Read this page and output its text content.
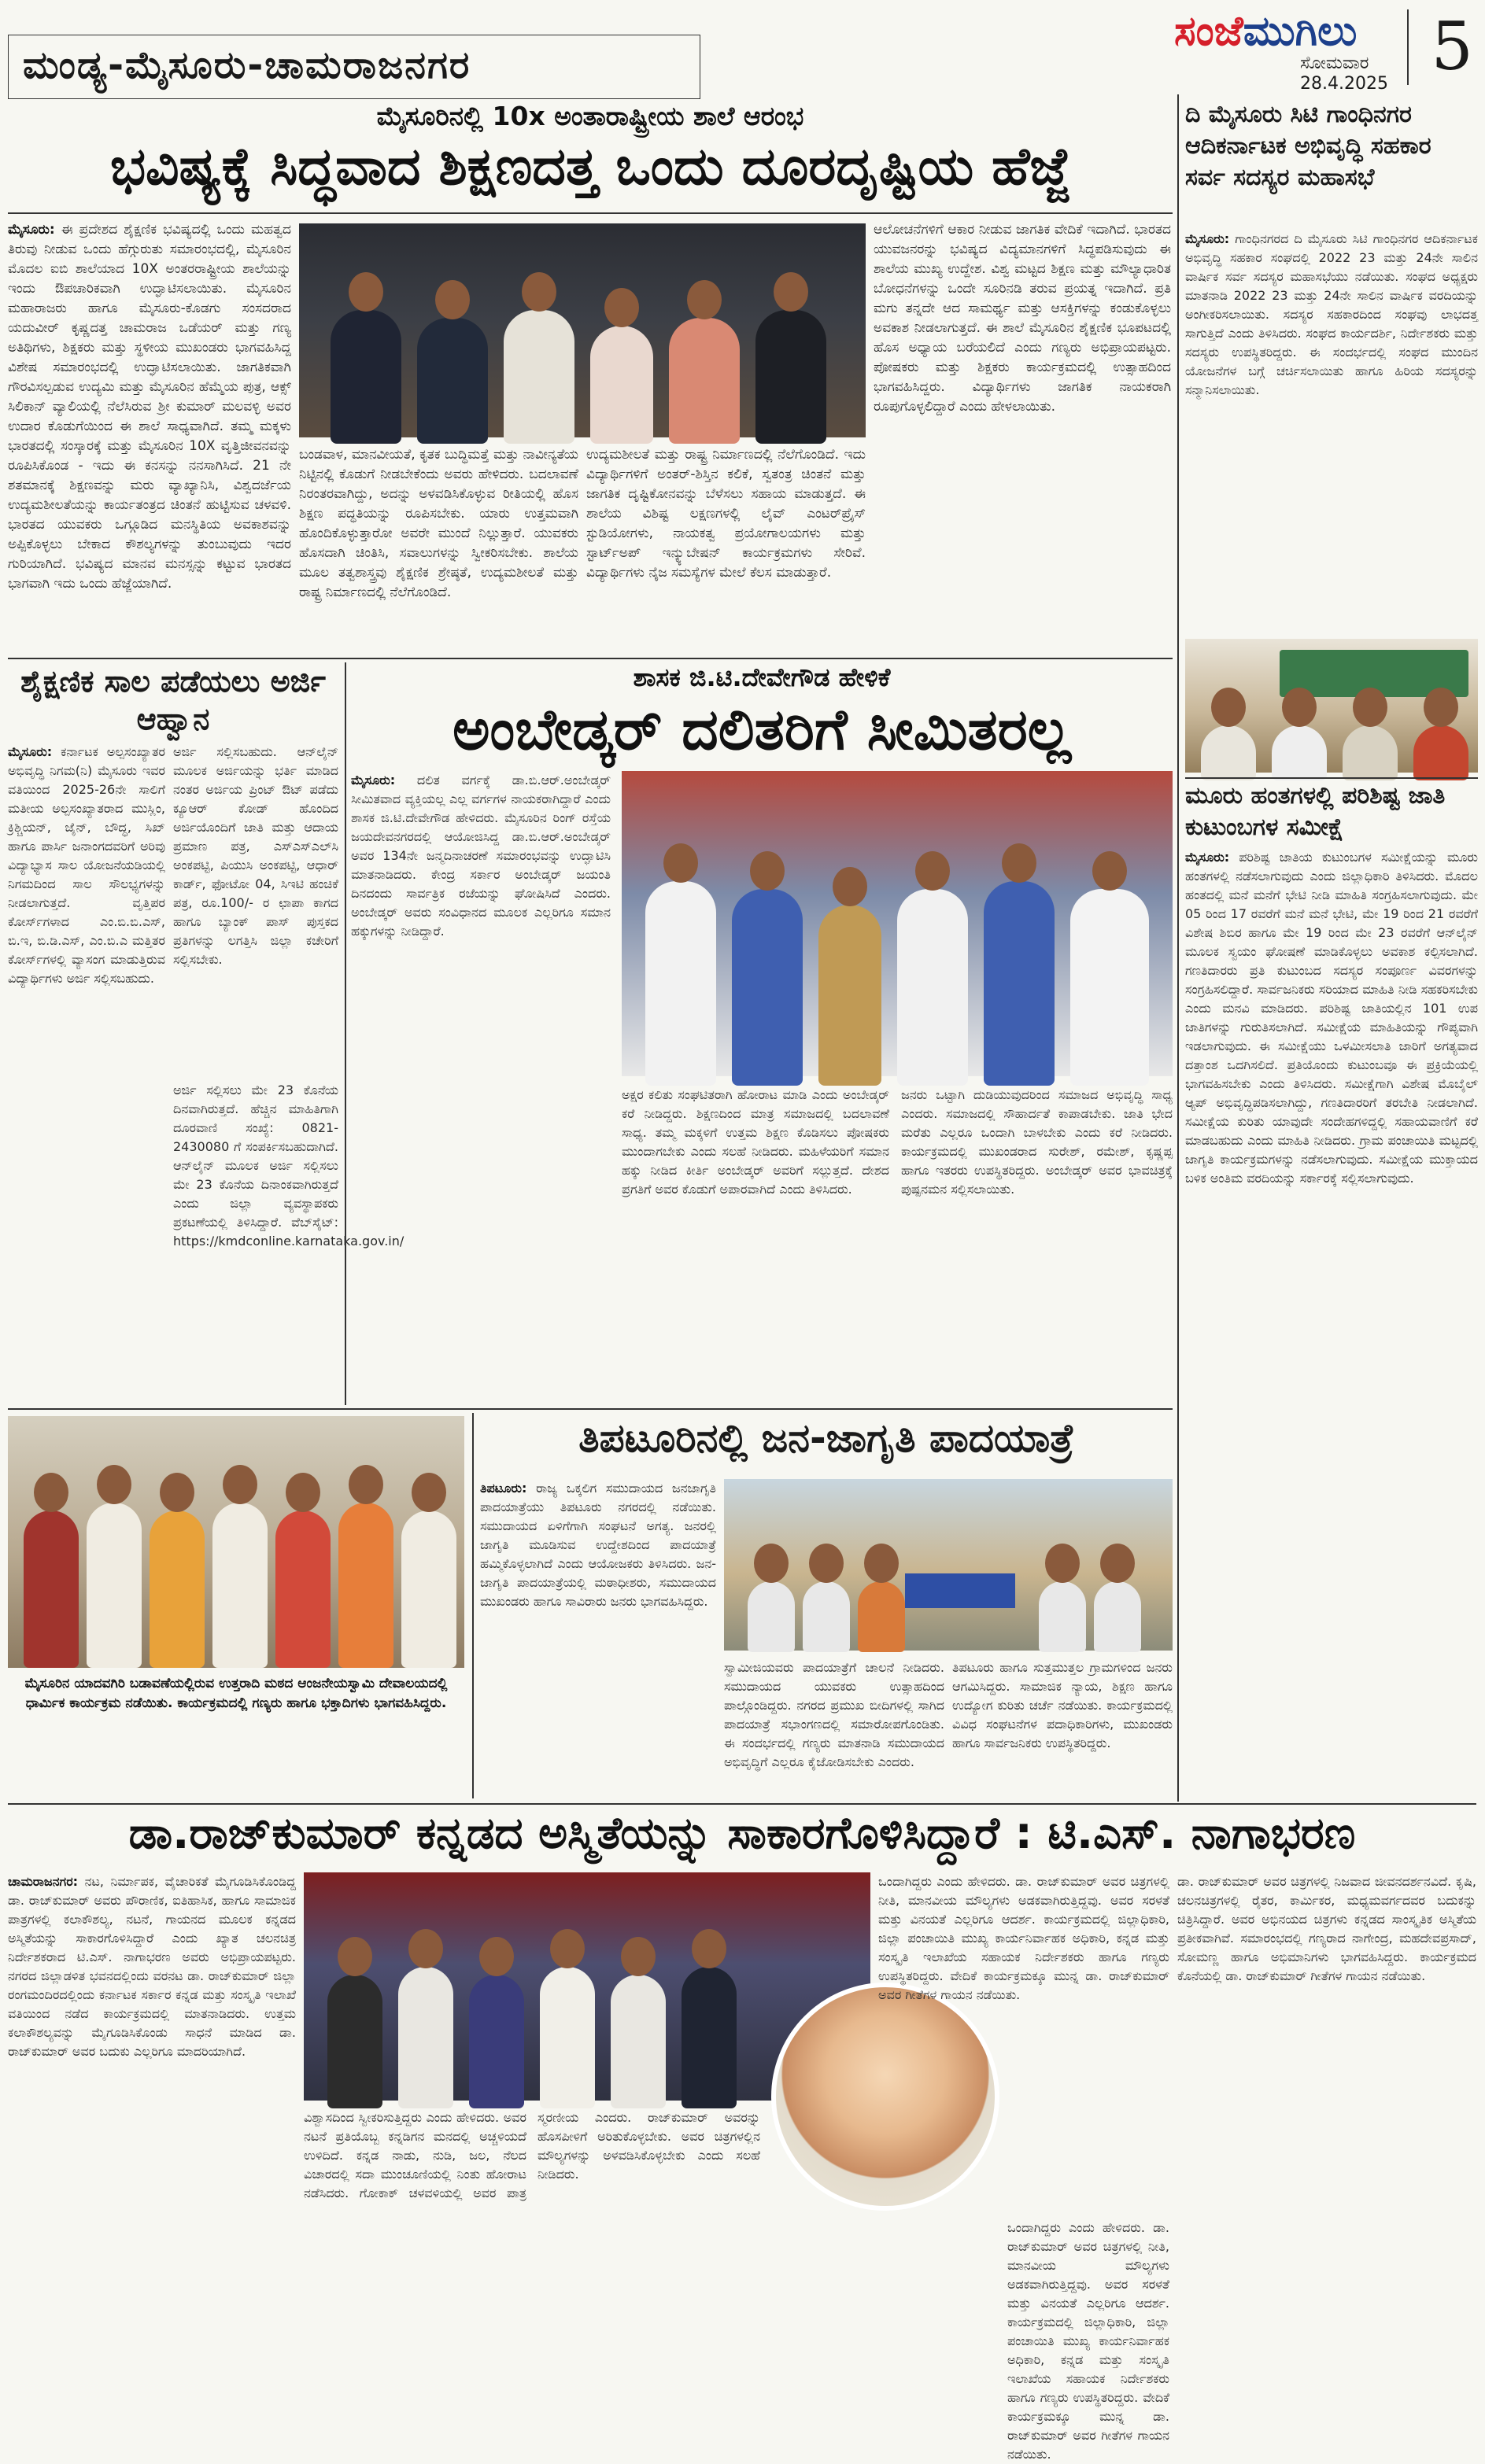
ಮಂಡ್ಯ-ಮೈಸೂರು-ಚಾಮರಾಜನಗರ
ಸಂಜೆಮುಗಿಲು
ಸೋಮವಾರ
28.4.2025 5
ಮೈಸೂರಿನಲ್ಲಿ 10x ಅಂತಾರಾಷ್ಟ್ರೀಯ ಶಾಲೆ ಆರಂಭ
ಭವಿಷ್ಯಕ್ಕೆ ಸಿದ್ಧವಾದ ಶಿಕ್ಷಣದತ್ತ ಒಂದು ದೂರದೃಷ್ಟಿಯ ಹೆಜ್ಜೆ
ಮೈಸೂರು: ಈ ಪ್ರದೇಶದ ಶೈಕ್ಷಣಿಕ ಭವಿಷ್ಯದಲ್ಲಿ ಒಂದು ಮಹತ್ವದ ತಿರುವು ನೀಡುವ ಒಂದು ಹೆಗ್ಗುರುತು ಸಮಾರಂಭದಲ್ಲಿ, ಮೈಸೂರಿನ ಮೊದಲ ಐಬಿ ಶಾಲೆಯಾದ 10X ಅಂತರರಾಷ್ಟ್ರೀಯ ಶಾಲೆಯನ್ನು ಇಂದು ಔಪಚಾರಿಕವಾಗಿ ಉದ್ಘಾಟಿಸಲಾಯಿತು. ಮೈಸೂರಿನ ಮಹಾರಾಜರು ಹಾಗೂ ಮೈಸೂರು-ಕೊಡಗು ಸಂಸದರಾದ ಯದುವೀರ್ ಕೃಷ್ಣದತ್ತ ಚಾಮರಾಜ ಒಡೆಯರ್ ಮತ್ತು ಗಣ್ಯ ಅತಿಥಿಗಳು, ಶಿಕ್ಷಕರು ಮತ್ತು ಸ್ಥಳೀಯ ಮುಖಂಡರು ಭಾಗವಹಿಸಿದ್ದ ವಿಶೇಷ ಸಮಾರಂಭದಲ್ಲಿ ಉದ್ಘಾಟಿಸಲಾಯಿತು. ಜಾಗತಿಕವಾಗಿ ಗೌರವಿಸಲ್ಪಡುವ ಉದ್ಯಮಿ ಮತ್ತು ಮೈಸೂರಿನ ಹೆಮ್ಮೆಯ ಪುತ್ರ, ಆಕ್ಸ್ ಸಿಲಿಕಾನ್ ವ್ಯಾಲಿಯಲ್ಲಿ ನೆಲೆಸಿರುವ ಶ್ರೀ ಕುಮಾರ್ ಮಲವಳ್ಳಿ ಅವರ ಉದಾರ ಕೊಡುಗೆಯಿಂದ ಈ ಶಾಲೆ ಸಾಧ್ಯವಾಗಿದೆ. ತಮ್ಮ ಮಕ್ಕಳು ಭಾರತದಲ್ಲಿ ಸಂಸ್ಕಾರಕ್ಕೆ ಮತ್ತು ಮೈಸೂರಿನ 10X ವೃತ್ತಿಜೀವನವನ್ನು ರೂಪಿಸಿಕೊಂಡ - ಇದು ಈ ಕನಸನ್ನು ನನಸಾಗಿಸಿದೆ. 21 ನೇ ಶತಮಾನಕ್ಕೆ ಶಿಕ್ಷಣವನ್ನು ಮರು ವ್ಯಾಖ್ಯಾನಿಸಿ, ವಿಶ್ವದರ್ಜೆಯ ಉದ್ಯಮಶೀಲತೆಯನ್ನು ಕಾರ್ಯತಂತ್ರದ ಚಿಂತನೆ ಹುಟ್ಟಿಸುವ ಚಳವಳಿ. ಭಾರತದ ಯುವಕರು ಒಗ್ಗೂಡಿದ ಮನಸ್ಥಿತಿಯ ಅವಕಾಶವನ್ನು ಅಪ್ಪಿಕೊಳ್ಳಲು ಬೇಕಾದ ಕೌಶಲ್ಯಗಳನ್ನು ತುಂಬುವುದು ಇದರ ಗುರಿಯಾಗಿದೆ. ಭವಿಷ್ಯದ ಮಾನವ ಮನಸ್ಸನ್ನು ಕಟ್ಟುವ ಭಾರತದ ಭಾಗವಾಗಿ ಇದು ಒಂದು ಹೆಜ್ಜೆಯಾಗಿದೆ.
ಬಂಡವಾಳ, ಮಾನವೀಯತೆ, ಕೃತಕ ಬುದ್ಧಿಮತ್ತೆ ಮತ್ತು ನಾವೀನ್ಯತೆಯ ನಿಟ್ಟಿನಲ್ಲಿ ಕೊಡುಗೆ ನೀಡಬೇಕೆಂದು ಅವರು ಹೇಳಿದರು. ಬದಲಾವಣೆ ನಿರಂತರವಾಗಿದ್ದು, ಅದನ್ನು ಅಳವಡಿಸಿಕೊಳ್ಳುವ ರೀತಿಯಲ್ಲಿ ಹೊಸ ಶಿಕ್ಷಣ ಪದ್ಧತಿಯನ್ನು ರೂಪಿಸಬೇಕು. ಯಾರು ಉತ್ತಮವಾಗಿ ಹೊಂದಿಕೊಳ್ಳುತ್ತಾರೋ ಅವರೇ ಮುಂದೆ ನಿಲ್ಲುತ್ತಾರೆ. ಯುವಕರು ಹೊಸದಾಗಿ ಚಿಂತಿಸಿ, ಸವಾಲುಗಳನ್ನು ಸ್ವೀಕರಿಸಬೇಕು. ಶಾಲೆಯ ಮೂಲ ತತ್ವಶಾಸ್ತ್ರವು ಶೈಕ್ಷಣಿಕ ಶ್ರೇಷ್ಠತೆ, ಉದ್ಯಮಶೀಲತೆ ಮತ್ತು ರಾಷ್ಟ್ರ ನಿರ್ಮಾಣದಲ್ಲಿ ನೆಲೆಗೊಂಡಿದೆ.
ಉದ್ಯಮಶೀಲತೆ ಮತ್ತು ರಾಷ್ಟ್ರ ನಿರ್ಮಾಣದಲ್ಲಿ ನೆಲೆಗೊಂಡಿದೆ. ಇದು ವಿದ್ಯಾರ್ಥಿಗಳಿಗೆ ಅಂತರ್-ಶಿಸ್ತಿನ ಕಲಿಕೆ, ಸ್ವತಂತ್ರ ಚಿಂತನೆ ಮತ್ತು ಜಾಗತಿಕ ದೃಷ್ಟಿಕೋನವನ್ನು ಬೆಳೆಸಲು ಸಹಾಯ ಮಾಡುತ್ತದೆ. ಈ ಶಾಲೆಯ ವಿಶಿಷ್ಟ ಲಕ್ಷಣಗಳಲ್ಲಿ ಲೈವ್ ಎಂಟರ್‌ಪ್ರೈಸ್‌ ಸ್ಟುಡಿಯೋಗಳು, ನಾಯಕತ್ವ ಪ್ರಯೋಗಾಲಯಗಳು ಮತ್ತು ಸ್ಟಾರ್ಟ್‌ಅಪ್‌ ಇನ್ಕ್ಯುಬೇಷನ್‌ ಕಾರ್ಯಕ್ರಮಗಳು ಸೇರಿವೆ. ವಿದ್ಯಾರ್ಥಿಗಳು ನೈಜ ಸಮಸ್ಯೆಗಳ ಮೇಲೆ ಕೆಲಸ ಮಾಡುತ್ತಾರೆ.
ಆಲೋಚನೆಗಳಿಗೆ ಆಕಾರ ನೀಡುವ ಜಾಗತಿಕ ವೇದಿಕೆ ಇದಾಗಿದೆ. ಭಾರತದ ಯುವಜನರನ್ನು ಭವಿಷ್ಯದ ವಿದ್ಯಮಾನಗಳಿಗೆ ಸಿದ್ಧಪಡಿಸುವುದು ಈ ಶಾಲೆಯ ಮುಖ್ಯ ಉದ್ದೇಶ. ವಿಶ್ವ ಮಟ್ಟದ ಶಿಕ್ಷಣ ಮತ್ತು ಮೌಲ್ಯಾಧಾರಿತ ಬೋಧನೆಗಳನ್ನು ಒಂದೇ ಸೂರಿನಡಿ ತರುವ ಪ್ರಯತ್ನ ಇದಾಗಿದೆ. ಪ್ರತಿ ಮಗು ತನ್ನದೇ ಆದ ಸಾಮರ್ಥ್ಯ ಮತ್ತು ಆಸಕ್ತಿಗಳನ್ನು ಕಂಡುಕೊಳ್ಳಲು ಅವಕಾಶ ನೀಡಲಾಗುತ್ತದೆ. ಈ ಶಾಲೆ ಮೈಸೂರಿನ ಶೈಕ್ಷಣಿಕ ಭೂಪಟದಲ್ಲಿ ಹೊಸ ಅಧ್ಯಾಯ ಬರೆಯಲಿದೆ ಎಂದು ಗಣ್ಯರು ಅಭಿಪ್ರಾಯಪಟ್ಟರು. ಪೋಷಕರು ಮತ್ತು ಶಿಕ್ಷಕರು ಕಾರ್ಯಕ್ರಮದಲ್ಲಿ ಉತ್ಸಾಹದಿಂದ ಭಾಗವಹಿಸಿದ್ದರು. ವಿದ್ಯಾರ್ಥಿಗಳು ಜಾಗತಿಕ ನಾಯಕರಾಗಿ ರೂಪುಗೊಳ್ಳಲಿದ್ದಾರೆ ಎಂದು ಹೇಳಲಾಯಿತು.
ದಿ ಮೈಸೂರು ಸಿಟಿ ಗಾಂಧಿನಗರ ಆದಿಕರ್ನಾಟಕ ಅಭಿವೃದ್ಧಿ ಸಹಕಾರ ಸರ್ವ ಸದಸ್ಯರ ಮಹಾಸಭೆ
ಮೈಸೂರು: ಗಾಂಧಿನಗರದ ದಿ ಮೈಸೂರು ಸಿಟಿ ಗಾಂಧಿನಗರ ಆದಿಕರ್ನಾಟಕ ಅಭಿವೃದ್ಧಿ ಸಹಕಾರ ಸಂಘದಲ್ಲಿ 2022 23 ಮತ್ತು 24ನೇ ಸಾಲಿನ ವಾರ್ಷಿಕ ಸರ್ವ ಸದಸ್ಯರ ಮಹಾಸಭೆಯು ನಡೆಯಿತು. ಸಂಘದ ಅಧ್ಯಕ್ಷರು ಮಾತನಾಡಿ 2022 23 ಮತ್ತು 24ನೇ ಸಾಲಿನ ವಾರ್ಷಿಕ ವರದಿಯನ್ನು ಅಂಗೀಕರಿಸಲಾಯಿತು. ಸದಸ್ಯರ ಸಹಕಾರದಿಂದ ಸಂಘವು ಲಾಭದತ್ತ ಸಾಗುತ್ತಿದೆ ಎಂದು ತಿಳಿಸಿದರು. ಸಂಘದ ಕಾರ್ಯದರ್ಶಿ, ನಿರ್ದೇಶಕರು ಮತ್ತು ಸದಸ್ಯರು ಉಪಸ್ಥಿತರಿದ್ದರು. ಈ ಸಂದರ್ಭದಲ್ಲಿ ಸಂಘದ ಮುಂದಿನ ಯೋಜನೆಗಳ ಬಗ್ಗೆ ಚರ್ಚಿಸಲಾಯಿತು ಹಾಗೂ ಹಿರಿಯ ಸದಸ್ಯರನ್ನು ಸನ್ಮಾನಿಸಲಾಯಿತು.
ಮೂರು ಹಂತಗಳಲ್ಲಿ ಪರಿಶಿಷ್ಟ ಜಾತಿ ಕುಟುಂಬಗಳ ಸಮೀಕ್ಷೆ
ಮೈಸೂರು: ಪರಿಶಿಷ್ಟ ಜಾತಿಯ ಕುಟುಂಬಗಳ ಸಮೀಕ್ಷೆಯನ್ನು ಮೂರು ಹಂತಗಳಲ್ಲಿ ನಡೆಸಲಾಗುವುದು ಎಂದು ಜಿಲ್ಲಾಧಿಕಾರಿ ತಿಳಿಸಿದರು. ಮೊದಲ ಹಂತದಲ್ಲಿ ಮನೆ ಮನೆಗೆ ಭೇಟಿ ನೀಡಿ ಮಾಹಿತಿ ಸಂಗ್ರಹಿಸಲಾಗುವುದು. ಮೇ 05 ರಿಂದ 17 ರವರೆಗೆ ಮನೆ ಮನೆ ಭೇಟಿ, ಮೇ 19 ರಿಂದ 21 ರವರೆಗೆ ವಿಶೇಷ ಶಿಬಿರ ಹಾಗೂ ಮೇ 19 ರಿಂದ ಮೇ 23 ರವರೆಗೆ ಆನ್‌ಲೈನ್ ಮೂಲಕ ಸ್ವಯಂ ಘೋಷಣೆ ಮಾಡಿಕೊಳ್ಳಲು ಅವಕಾಶ ಕಲ್ಪಿಸಲಾಗಿದೆ. ಗಣತಿದಾರರು ಪ್ರತಿ ಕುಟುಂಬದ ಸದಸ್ಯರ ಸಂಪೂರ್ಣ ವಿವರಗಳನ್ನು ಸಂಗ್ರಹಿಸಲಿದ್ದಾರೆ. ಸಾರ್ವಜನಿಕರು ಸರಿಯಾದ ಮಾಹಿತಿ ನೀಡಿ ಸಹಕರಿಸಬೇಕು ಎಂದು ಮನವಿ ಮಾಡಿದರು. ಪರಿಶಿಷ್ಟ ಜಾತಿಯಲ್ಲಿನ 101 ಉಪ ಜಾತಿಗಳನ್ನು ಗುರುತಿಸಲಾಗಿದೆ. ಸಮೀಕ್ಷೆಯ ಮಾಹಿತಿಯನ್ನು ಗೌಪ್ಯವಾಗಿ ಇಡಲಾಗುವುದು. ಈ ಸಮೀಕ್ಷೆಯು ಒಳಮೀಸಲಾತಿ ಜಾರಿಗೆ ಅಗತ್ಯವಾದ ದತ್ತಾಂಶ ಒದಗಿಸಲಿದೆ. ಪ್ರತಿಯೊಂದು ಕುಟುಂಬವೂ ಈ ಪ್ರಕ್ರಿಯೆಯಲ್ಲಿ ಭಾಗವಹಿಸಬೇಕು ಎಂದು ತಿಳಿಸಿದರು. ಸಮೀಕ್ಷೆಗಾಗಿ ವಿಶೇಷ ಮೊಬೈಲ್ ಆ್ಯಪ್ ಅಭಿವೃದ್ಧಿಪಡಿಸಲಾಗಿದ್ದು, ಗಣತಿದಾರರಿಗೆ ತರಬೇತಿ ನೀಡಲಾಗಿದೆ. ಸಮೀಕ್ಷೆಯ ಕುರಿತು ಯಾವುದೇ ಸಂದೇಹಗಳಿದ್ದಲ್ಲಿ ಸಹಾಯವಾಣಿಗೆ ಕರೆ ಮಾಡಬಹುದು ಎಂದು ಮಾಹಿತಿ ನೀಡಿದರು. ಗ್ರಾಮ ಪಂಚಾಯಿತಿ ಮಟ್ಟದಲ್ಲಿ ಜಾಗೃತಿ ಕಾರ್ಯಕ್ರಮಗಳನ್ನು ನಡೆಸಲಾಗುವುದು. ಸಮೀಕ್ಷೆಯ ಮುಕ್ತಾಯದ ಬಳಿಕ ಅಂತಿಮ ವರದಿಯನ್ನು ಸರ್ಕಾರಕ್ಕೆ ಸಲ್ಲಿಸಲಾಗುವುದು.
ಶೈಕ್ಷಣಿಕ ಸಾಲ ಪಡೆಯಲು ಅರ್ಜಿ ಆಹ್ವಾನ
ಮೈಸೂರು: ಕರ್ನಾಟಕ ಅಲ್ಪಸಂಖ್ಯಾತರ ಅಭಿವೃದ್ಧಿ ನಿಗಮ(ನಿ) ಮೈಸೂರು ಇವರ ವತಿಯಿಂದ 2025-26ನೇ ಸಾಲಿಗೆ ಮತೀಯ ಅಲ್ಪಸಂಖ್ಯಾತರಾದ ಮುಸ್ಲಿಂ, ಕ್ರಿಶ್ಚಿಯನ್, ಜೈನ್, ಬೌದ್ಧ, ಸಿಖ್ ಹಾಗೂ ಪಾರ್ಸಿ ಜನಾಂಗದವರಿಗೆ ಅರಿವು ವಿದ್ಯಾಭ್ಯಾಸ ಸಾಲ ಯೋಜನೆಯಡಿಯಲ್ಲಿ ನಿಗಮದಿಂದ ಸಾಲ ಸೌಲಭ್ಯಗಳನ್ನು ನೀಡಲಾಗುತ್ತದೆ. ವೃತ್ತಿಪರ ಕೋರ್ಸ್‌ಗಳಾದ ಎಂ.ಬಿ.ಬಿ.ಎಸ್, ಬಿ.ಇ, ಬಿ.ಡಿ.ಎಸ್, ಎಂ.ಬಿ.ಎ ಮತ್ತಿತರ ಕೋರ್ಸ್‌ಗಳಲ್ಲಿ ವ್ಯಾಸಂಗ ಮಾಡುತ್ತಿರುವ ವಿದ್ಯಾರ್ಥಿಗಳು ಅರ್ಜಿ ಸಲ್ಲಿಸಬಹುದು.
ಅರ್ಜಿ ಸಲ್ಲಿಸಬಹುದು. ಆನ್‌ಲೈನ್ ಮೂಲಕ ಅರ್ಜಿಯನ್ನು ಭರ್ತಿ ಮಾಡಿದ ನಂತರ ಅರ್ಜಿಯ ಪ್ರಿಂಟ್ ಔಟ್ ಪಡೆದು ಕ್ಯೂಆರ್ ಕೋಡ್ ಹೊಂದಿದ ಅರ್ಜಿಯೊಂದಿಗೆ ಜಾತಿ ಮತ್ತು ಆದಾಯ ಪ್ರಮಾಣ ಪತ್ರ, ಎಸ್ಎಸ್ಎಲ್‌ಸಿ ಅಂಕಪಟ್ಟಿ, ಪಿಯುಸಿ ಅಂಕಪಟ್ಟಿ, ಆಧಾರ್ ಕಾರ್ಡ್, ಫೋಟೋ 04, ಸಿಇಟಿ ಹಂಚಿಕೆ ಪತ್ರ, ರೂ.100/- ರ ಛಾಪಾ ಕಾಗದ ಹಾಗೂ ಬ್ಯಾಂಕ್ ಪಾಸ್ ಪುಸ್ತಕದ ಪ್ರತಿಗಳನ್ನು ಲಗತ್ತಿಸಿ ಜಿಲ್ಲಾ ಕಚೇರಿಗೆ ಸಲ್ಲಿಸಬೇಕು.
ಅರ್ಜಿ ಸಲ್ಲಿಸಲು ಮೇ 23 ಕೊನೆಯ ದಿನವಾಗಿರುತ್ತದೆ. ಹೆಚ್ಚಿನ ಮಾಹಿತಿಗಾಗಿ ದೂರವಾಣಿ ಸಂಖ್ಯೆ: 0821-2430080 ಗೆ ಸಂಪರ್ಕಿಸಬಹುದಾಗಿದೆ. ಆನ್‌ಲೈನ್ ಮೂಲಕ ಅರ್ಜಿ ಸಲ್ಲಿಸಲು ಮೇ 23 ಕೊನೆಯ ದಿನಾಂಕವಾಗಿರುತ್ತದೆ ಎಂದು ಜಿಲ್ಲಾ ವ್ಯವಸ್ಥಾಪಕರು ಪ್ರಕಟಣೆಯಲ್ಲಿ ತಿಳಿಸಿದ್ದಾರೆ. ವೆಬ್‌ಸೈಟ್: https://kmdconline.karnataka.gov.in/
ಶಾಸಕ ಜಿ.ಟಿ.ದೇವೇಗೌಡ ಹೇಳಿಕೆ
ಅಂಬೇಡ್ಕರ್ ದಲಿತರಿಗೆ ಸೀಮಿತರಲ್ಲ
ಮೈಸೂರು: ದಲಿತ ವರ್ಗಕ್ಕೆ ಡಾ.ಬಿ.ಆರ್.ಅಂಬೇಡ್ಕರ್ ಸೀಮಿತವಾದ ವ್ಯಕ್ತಿಯಲ್ಲ ಎಲ್ಲ ವರ್ಗಗಳ ನಾಯಕರಾಗಿದ್ದಾರೆ ಎಂದು ಶಾಸಕ ಜಿ.ಟಿ.ದೇವೇಗೌಡ ಹೇಳಿದರು. ಮೈಸೂರಿನ ರಿಂಗ್ ರಸ್ತೆಯ ಜಯದೇವನಗರದಲ್ಲಿ ಆಯೋಜಿಸಿದ್ದ ಡಾ.ಬಿ.ಆರ್.ಅಂಬೇಡ್ಕರ್ ಅವರ 134ನೇ ಜನ್ಮದಿನಾಚರಣೆ ಸಮಾರಂಭವನ್ನು ಉದ್ಘಾಟಿಸಿ ಮಾತನಾಡಿದರು. ಕೇಂದ್ರ ಸರ್ಕಾರ ಅಂಬೇಡ್ಕರ್ ಜಯಂತಿ ದಿನದಂದು ಸಾರ್ವತ್ರಿಕ ರಜೆಯನ್ನು ಘೋಷಿಸಿದೆ ಎಂದರು. ಅಂಬೇಡ್ಕರ್ ಅವರು ಸಂವಿಧಾನದ ಮೂಲಕ ಎಲ್ಲರಿಗೂ ಸಮಾನ ಹಕ್ಕುಗಳನ್ನು ನೀಡಿದ್ದಾರೆ.
ಅಕ್ಷರ ಕಲಿತು ಸಂಘಟಿತರಾಗಿ ಹೋರಾಟ ಮಾಡಿ ಎಂದು ಅಂಬೇಡ್ಕರ್ ಕರೆ ನೀಡಿದ್ದರು. ಶಿಕ್ಷಣದಿಂದ ಮಾತ್ರ ಸಮಾಜದಲ್ಲಿ ಬದಲಾವಣೆ ಸಾಧ್ಯ. ತಮ್ಮ ಮಕ್ಕಳಿಗೆ ಉತ್ತಮ ಶಿಕ್ಷಣ ಕೊಡಿಸಲು ಪೋಷಕರು ಮುಂದಾಗಬೇಕು ಎಂದು ಸಲಹೆ ನೀಡಿದರು. ಮಹಿಳೆಯರಿಗೆ ಸಮಾನ ಹಕ್ಕು ನೀಡಿದ ಕೀರ್ತಿ ಅಂಬೇಡ್ಕರ್ ಅವರಿಗೆ ಸಲ್ಲುತ್ತದೆ. ದೇಶದ ಪ್ರಗತಿಗೆ ಅವರ ಕೊಡುಗೆ ಅಪಾರವಾಗಿದೆ ಎಂದು ತಿಳಿಸಿದರು.
ಜನರು ಒಟ್ಟಾಗಿ ದುಡಿಯುವುದರಿಂದ ಸಮಾಜದ ಅಭಿವೃದ್ಧಿ ಸಾಧ್ಯ ಎಂದರು. ಸಮಾಜದಲ್ಲಿ ಸೌಹಾರ್ದತೆ ಕಾಪಾಡಬೇಕು. ಜಾತಿ ಭೇದ ಮರೆತು ಎಲ್ಲರೂ ಒಂದಾಗಿ ಬಾಳಬೇಕು ಎಂದು ಕರೆ ನೀಡಿದರು. ಕಾರ್ಯಕ್ರಮದಲ್ಲಿ ಮುಖಂಡರಾದ ಸುರೇಶ್, ರಮೇಶ್, ಕೃಷ್ಣಪ್ಪ ಹಾಗೂ ಇತರರು ಉಪಸ್ಥಿತರಿದ್ದರು. ಅಂಬೇಡ್ಕರ್ ಅವರ ಭಾವಚಿತ್ರಕ್ಕೆ ಪುಷ್ಪನಮನ ಸಲ್ಲಿಸಲಾಯಿತು.
ಮೈಸೂರಿನ ಯಾದವಗಿರಿ ಬಡಾವಣೆಯಲ್ಲಿರುವ ಉತ್ತರಾದಿ ಮಠದ ಆಂಜನೇಯಸ್ವಾಮಿ ದೇವಾಲಯದಲ್ಲಿ ಧಾರ್ಮಿಕ ಕಾರ್ಯಕ್ರಮ ನಡೆಯಿತು. ಕಾರ್ಯಕ್ರಮದಲ್ಲಿ ಗಣ್ಯರು ಹಾಗೂ ಭಕ್ತಾದಿಗಳು ಭಾಗವಹಿಸಿದ್ದರು.
ತಿಪಟೂರಿನಲ್ಲಿ ಜನ-ಜಾಗೃತಿ ಪಾದಯಾತ್ರೆ
ತಿಪಟೂರು: ರಾಜ್ಯ ಒಕ್ಕಲಿಗ ಸಮುದಾಯದ ಜನಜಾಗೃತಿ ಪಾದಯಾತ್ರೆಯು ತಿಪಟೂರು ನಗರದಲ್ಲಿ ನಡೆಯಿತು. ಸಮುದಾಯದ ಏಳಿಗೆಗಾಗಿ ಸಂಘಟನೆ ಅಗತ್ಯ. ಜನರಲ್ಲಿ ಜಾಗೃತಿ ಮೂಡಿಸುವ ಉದ್ದೇಶದಿಂದ ಪಾದಯಾತ್ರೆ ಹಮ್ಮಿಕೊಳ್ಳಲಾಗಿದೆ ಎಂದು ಆಯೋಜಕರು ತಿಳಿಸಿದರು. ಜನ-ಜಾಗೃತಿ ಪಾದಯಾತ್ರೆಯಲ್ಲಿ ಮಠಾಧೀಶರು, ಸಮುದಾಯದ ಮುಖಂಡರು ಹಾಗೂ ಸಾವಿರಾರು ಜನರು ಭಾಗವಹಿಸಿದ್ದರು.
ಸ್ವಾಮೀಜಿಯವರು ಪಾದಯಾತ್ರೆಗೆ ಚಾಲನೆ ನೀಡಿದರು. ಸಮುದಾಯದ ಯುವಕರು ಉತ್ಸಾಹದಿಂದ ಪಾಲ್ಗೊಂಡಿದ್ದರು. ನಗರದ ಪ್ರಮುಖ ಬೀದಿಗಳಲ್ಲಿ ಸಾಗಿದ ಪಾದಯಾತ್ರೆ ಸಭಾಂಗಣದಲ್ಲಿ ಸಮಾರೋಪಗೊಂಡಿತು. ಈ ಸಂದರ್ಭದಲ್ಲಿ ಗಣ್ಯರು ಮಾತನಾಡಿ ಸಮುದಾಯದ ಅಭಿವೃದ್ಧಿಗೆ ಎಲ್ಲರೂ ಕೈಜೋಡಿಸಬೇಕು ಎಂದರು.
ತಿಪಟೂರು ಹಾಗೂ ಸುತ್ತಮುತ್ತಲ ಗ್ರಾಮಗಳಿಂದ ಜನರು ಆಗಮಿಸಿದ್ದರು. ಸಾಮಾಜಿಕ ನ್ಯಾಯ, ಶಿಕ್ಷಣ ಹಾಗೂ ಉದ್ಯೋಗ ಕುರಿತು ಚರ್ಚೆ ನಡೆಯಿತು. ಕಾರ್ಯಕ್ರಮದಲ್ಲಿ ವಿವಿಧ ಸಂಘಟನೆಗಳ ಪದಾಧಿಕಾರಿಗಳು, ಮುಖಂಡರು ಹಾಗೂ ಸಾರ್ವಜನಿಕರು ಉಪಸ್ಥಿತರಿದ್ದರು.
ಡಾ.ರಾಜ್‌ಕುಮಾರ್ ಕನ್ನಡದ ಅಸ್ಮಿತೆಯನ್ನು ಸಾಕಾರಗೊಳಿಸಿದ್ದಾರೆ : ಟಿ.ಎಸ್. ನಾಗಾಭರಣ
ಚಾಮರಾಜನಗರ: ನಟ, ನಿರ್ಮಾಪಕ, ವೈಚಾರಿಕತೆ ಮೈಗೂಡಿಸಿಕೊಂಡಿದ್ದ ಡಾ. ರಾಜ್‌ಕುಮಾರ್ ಅವರು ಪೌರಾಣಿಕ, ಐತಿಹಾಸಿಕ, ಹಾಗೂ ಸಾಮಾಜಿಕ ಪಾತ್ರಗಳಲ್ಲಿ ಕಲಾಕೌಶಲ್ಯ, ನಟನೆ, ಗಾಯನದ ಮೂಲಕ ಕನ್ನಡದ ಅಸ್ಮಿತೆಯನ್ನು ಸಾಕಾರಗೊಳಿಸಿದ್ದಾರೆ ಎಂದು ಖ್ಯಾತ ಚಲನಚಿತ್ರ ನಿರ್ದೇಶಕರಾದ ಟಿ.ಎಸ್. ನಾಗಾಭರಣ ಅವರು ಅಭಿಪ್ರಾಯಪಟ್ಟರು. ನಗರದ ಜಿಲ್ಲಾಡಳಿತ ಭವನದಲ್ಲಿಂದು ವರನಟ ಡಾ. ರಾಜ್‌ಕುಮಾರ್ ಜಿಲ್ಲಾ ರಂಗಮಂದಿರದಲ್ಲಿಂದು ಕರ್ನಾಟಕ ಸರ್ಕಾರ ಕನ್ನಡ ಮತ್ತು ಸಂಸ್ಕೃತಿ ಇಲಾಖೆ ವತಿಯಿಂದ ನಡೆದ ಕಾರ್ಯಕ್ರಮದಲ್ಲಿ ಮಾತನಾಡಿದರು. ಉತ್ತಮ ಕಲಾಕೌಶಲ್ಯವನ್ನು ಮೈಗೂಡಿಸಿಕೊಂಡು ಸಾಧನೆ ಮಾಡಿದ ಡಾ. ರಾಜ್‌ಕುಮಾರ್ ಅವರ ಬದುಕು ಎಲ್ಲರಿಗೂ ಮಾದರಿಯಾಗಿದೆ.
ವಿಶ್ವಾಸದಿಂದ ಸ್ವೀಕರಿಸುತ್ತಿದ್ದರು ಎಂದು ಹೇಳಿದರು. ಅವರ ನಟನೆ ಪ್ರತಿಯೊಬ್ಬ ಕನ್ನಡಿಗನ ಮನದಲ್ಲಿ ಅಚ್ಚಳಿಯದೆ ಉಳಿದಿದೆ. ಕನ್ನಡ ನಾಡು, ನುಡಿ, ಜಲ, ನೆಲದ ವಿಚಾರದಲ್ಲಿ ಸದಾ ಮುಂಚೂಣಿಯಲ್ಲಿ ನಿಂತು ಹೋರಾಟ ನಡೆಸಿದರು. ಗೋಕಾಕ್ ಚಳವಳಿಯಲ್ಲಿ ಅವರ ಪಾತ್ರ ಸ್ಮರಣೀಯ ಎಂದರು. ರಾಜ್‌ಕುಮಾರ್ ಅವರನ್ನು ಹೊಸಪೀಳಿಗೆ ಅರಿತುಕೊಳ್ಳಬೇಕು. ಅವರ ಚಿತ್ರಗಳಲ್ಲಿನ ಮೌಲ್ಯಗಳನ್ನು ಅಳವಡಿಸಿಕೊಳ್ಳಬೇಕು ಎಂದು ಸಲಹೆ ನೀಡಿದರು.
ಒಂದಾಗಿದ್ದರು ಎಂದು ಹೇಳಿದರು. ಡಾ. ರಾಜ್‌ಕುಮಾರ್ ಅವರ ಚಿತ್ರಗಳಲ್ಲಿ ನೀತಿ, ಮಾನವೀಯ ಮೌಲ್ಯಗಳು ಅಡಕವಾಗಿರುತ್ತಿದ್ದವು. ಅವರ ಸರಳತೆ ಮತ್ತು ವಿನಯತೆ ಎಲ್ಲರಿಗೂ ಆದರ್ಶ. ಕಾರ್ಯಕ್ರಮದಲ್ಲಿ ಜಿಲ್ಲಾಧಿಕಾರಿ, ಜಿಲ್ಲಾ ಪಂಚಾಯಿತಿ ಮುಖ್ಯ ಕಾರ್ಯನಿರ್ವಾಹಕ ಅಧಿಕಾರಿ, ಕನ್ನಡ ಮತ್ತು ಸಂಸ್ಕೃತಿ ಇಲಾಖೆಯ ಸಹಾಯಕ ನಿರ್ದೇಶಕರು ಹಾಗೂ ಗಣ್ಯರು ಉಪಸ್ಥಿತರಿದ್ದರು. ವೇದಿಕೆ ಕಾರ್ಯಕ್ರಮಕ್ಕೂ ಮುನ್ನ ಡಾ. ರಾಜ್‌ಕುಮಾರ್ ಅವರ ಗೀತೆಗಳ ಗಾಯನ ನಡೆಯಿತು.
ಒಂದಾಗಿದ್ದರು ಎಂದು ಹೇಳಿದರು. ಡಾ. ರಾಜ್‌ಕುಮಾರ್ ಅವರ ಚಿತ್ರಗಳಲ್ಲಿ ನೀತಿ, ಮಾನವೀಯ ಮೌಲ್ಯಗಳು ಅಡಕವಾಗಿರುತ್ತಿದ್ದವು. ಅವರ ಸರಳತೆ ಮತ್ತು ವಿನಯತೆ ಎಲ್ಲರಿಗೂ ಆದರ್ಶ. ಕಾರ್ಯಕ್ರಮದಲ್ಲಿ ಜಿಲ್ಲಾಧಿಕಾರಿ, ಜಿಲ್ಲಾ ಪಂಚಾಯಿತಿ ಮುಖ್ಯ ಕಾರ್ಯನಿರ್ವಾಹಕ ಅಧಿಕಾರಿ, ಕನ್ನಡ ಮತ್ತು ಸಂಸ್ಕೃತಿ ಇಲಾಖೆಯ ಸಹಾಯಕ ನಿರ್ದೇಶಕರು ಹಾಗೂ ಗಣ್ಯರು ಉಪಸ್ಥಿತರಿದ್ದರು. ವೇದಿಕೆ ಕಾರ್ಯಕ್ರಮಕ್ಕೂ ಮುನ್ನ ಡಾ. ರಾಜ್‌ಕುಮಾರ್ ಅವರ ಗೀತೆಗಳ ಗಾಯನ ನಡೆಯಿತು.
ಡಾ. ರಾಜ್‌ಕುಮಾರ್ ಅವರ ಚಿತ್ರಗಳಲ್ಲಿ ನಿಜವಾದ ಜೀವನದರ್ಶನವಿದೆ. ಕೃಷಿ, ಚಲನಚಿತ್ರಗಳಲ್ಲಿ ರೈತರ, ಕಾರ್ಮಿಕರ, ಮಧ್ಯಮವರ್ಗದವರ ಬದುಕನ್ನು ಚಿತ್ರಿಸಿದ್ದಾರೆ. ಅವರ ಅಭಿನಯದ ಚಿತ್ರಗಳು ಕನ್ನಡದ ಸಾಂಸ್ಕೃತಿಕ ಅಸ್ಮಿತೆಯ ಪ್ರತೀಕವಾಗಿವೆ. ಸಮಾರಂಭದಲ್ಲಿ ಗಣ್ಯರಾದ ನಾಗೇಂದ್ರ, ಮಹದೇವಪ್ರಸಾದ್, ಸೋಮಣ್ಣ ಹಾಗೂ ಅಭಿಮಾನಿಗಳು ಭಾಗವಹಿಸಿದ್ದರು. ಕಾರ್ಯಕ್ರಮದ ಕೊನೆಯಲ್ಲಿ ಡಾ. ರಾಜ್‌ಕುಮಾರ್ ಗೀತೆಗಳ ಗಾಯನ ನಡೆಯಿತು.
